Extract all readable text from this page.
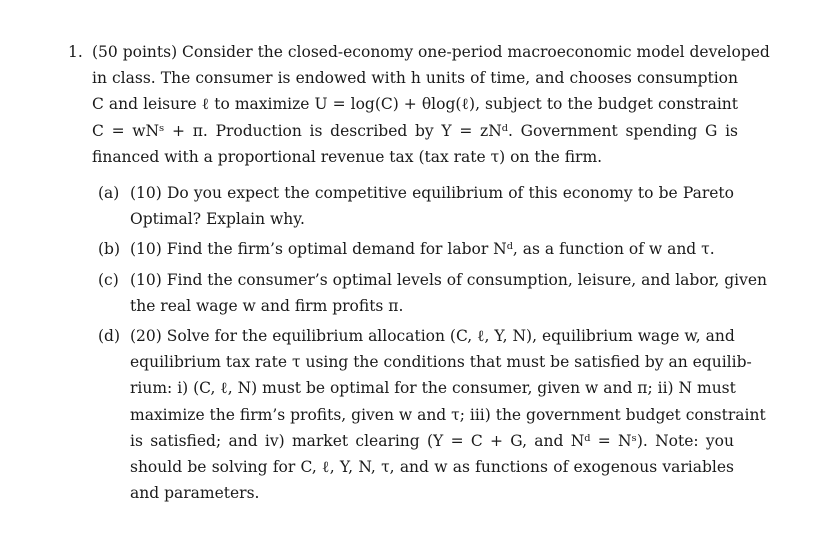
1. (50 points) Consider the closed-economy one-period macroeconomic model developed
in class. The consumer is endowed with h units of time, and chooses consumption
C and leisure ℓ to maximize U = log(C) + θlog(ℓ), subject to the budget constraint
C = wNˢ + π. Production is described by Y = zNᵈ. Government spending G is
financed with a proportional revenue tax (tax rate τ) on the firm.
(a) (10) Do you expect the competitive equilibrium of this economy to be Pareto
Optimal? Explain why.
(b) (10) Find the firm’s optimal demand for labor Nᵈ, as a function of w and τ.
(c) (10) Find the consumer’s optimal levels of consumption, leisure, and labor, given
the real wage w and firm profits π.
(d) (20) Solve for the equilibrium allocation (C, ℓ, Y, N), equilibrium wage w, and
equilibrium tax rate τ using the conditions that must be satisfied by an equilib-
rium: i) (C, ℓ, N) must be optimal for the consumer, given w and π; ii) N must
maximize the firm’s profits, given w and τ; iii) the government budget constraint
is satisfied; and iv) market clearing (Y = C + G, and Nᵈ = Nˢ). Note: you
should be solving for C, ℓ, Y, N, τ, and w as functions of exogenous variables
and parameters.
